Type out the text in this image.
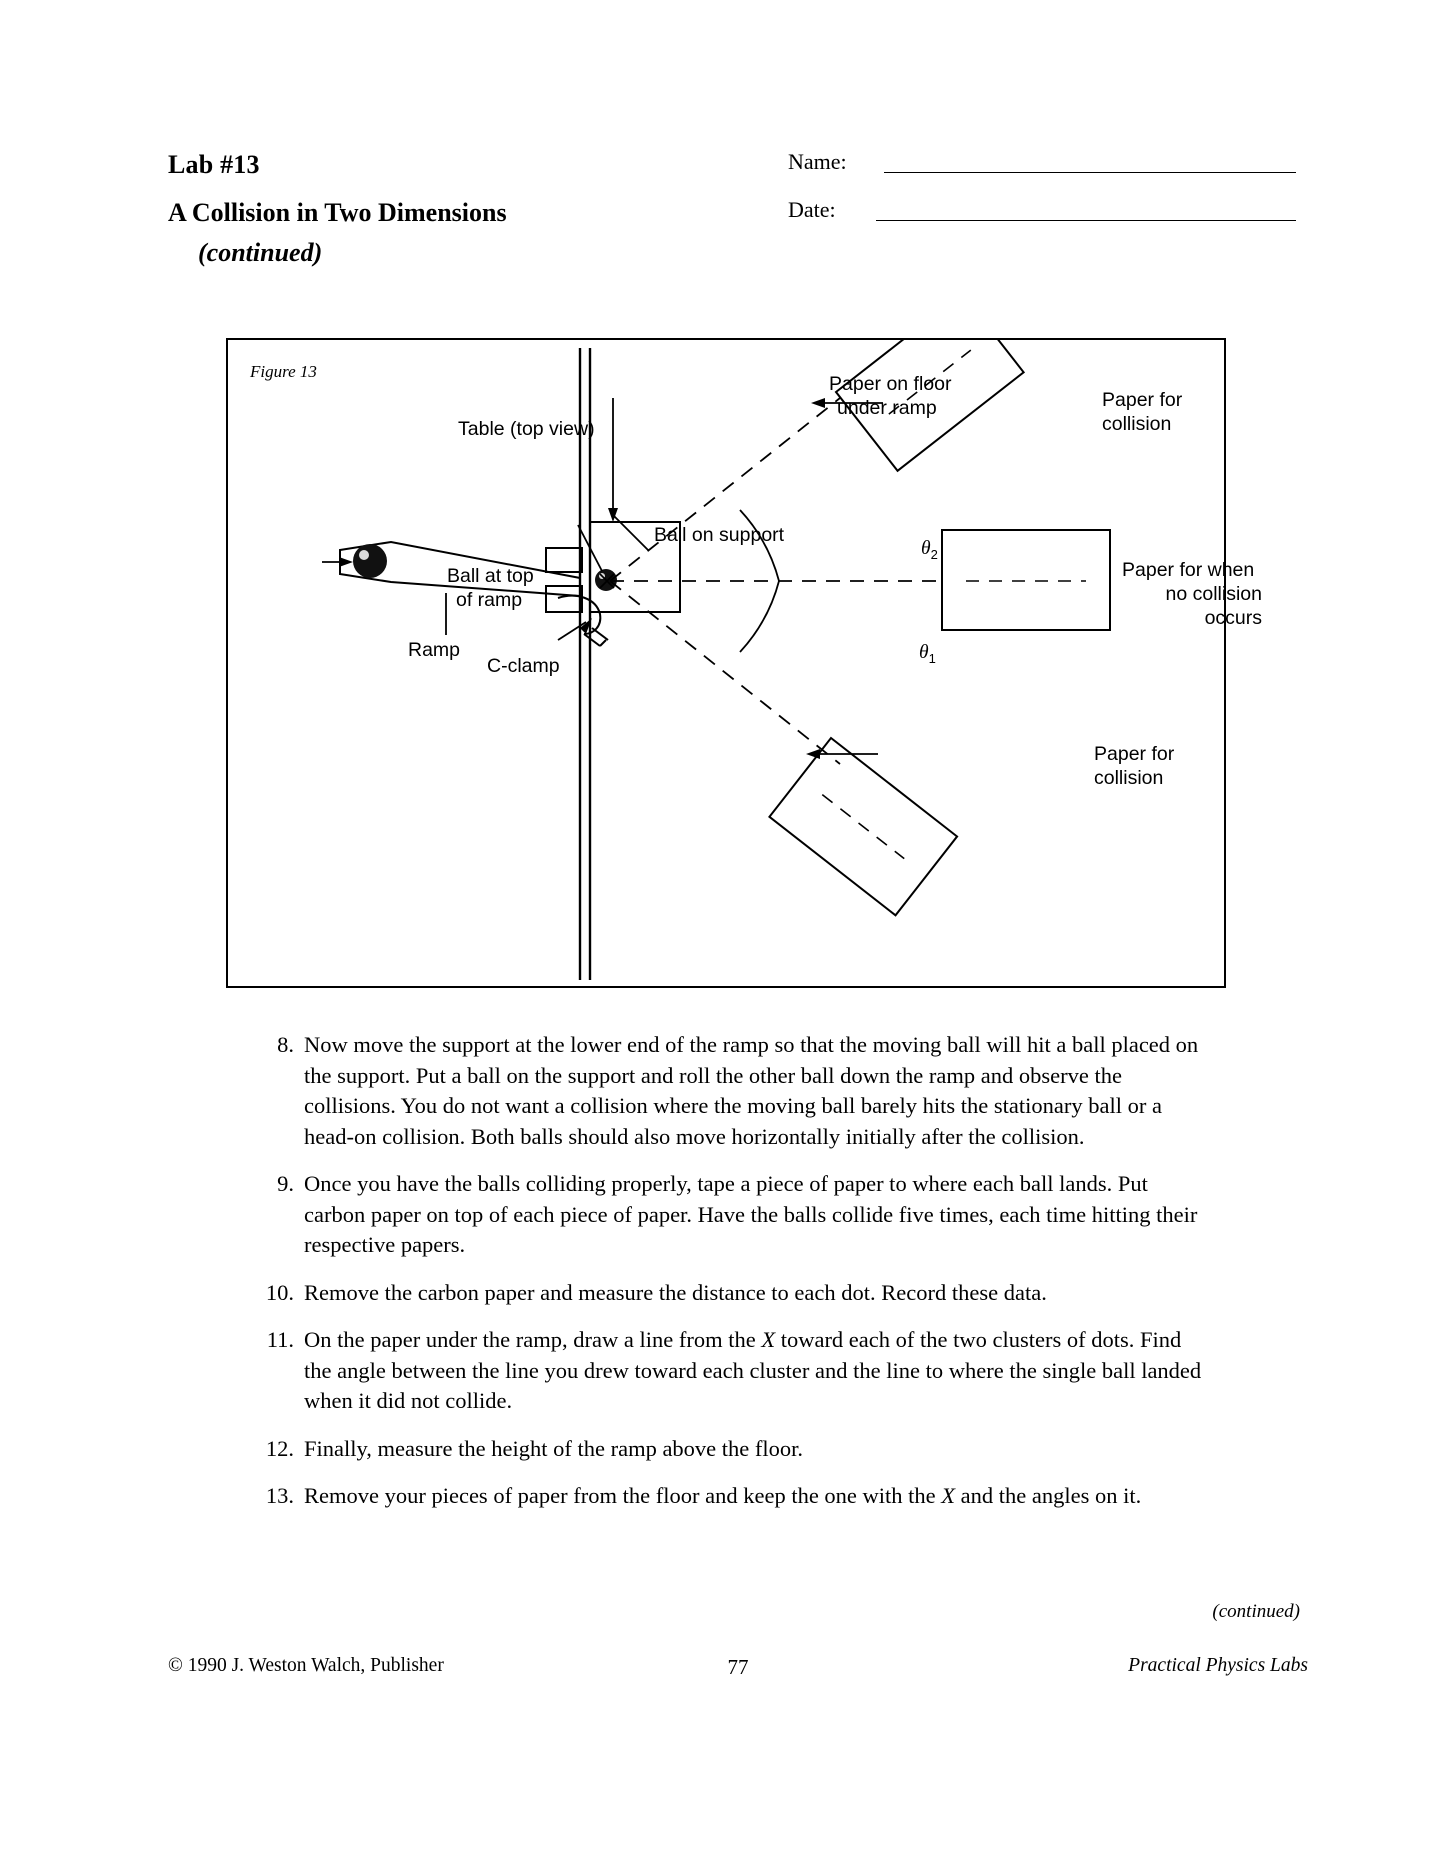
Lab #13
A Collision in Two Dimensions
(continued)
Name:
Date:
Figure 13
Table (top view)
Paper on floor
under ramp	Paper for
collision
Ball on support
Ball at top
of ramp
Ramp
C-clamp
$\theta_2$
$\theta_1$
Paper for when
no collision
occurs
Paper for
collision
8. Now move the support at the lower end of the ramp so that the moving ball will hit a ball placed on the support. Put a ball on the support and roll the other ball down the ramp and observe the collisions. You do not want a collision where the moving ball barely hits the stationary ball or a head-on collision. Both balls should also move horizontally initially after the collision.
9. Once you have the balls colliding properly, tape a piece of paper to where each ball lands. Put carbon paper on top of each piece of paper. Have the balls collide five times, each time hitting their respective papers.
10. Remove the carbon paper and measure the distance to each dot. Record these data.
11. On the paper under the ramp, draw a line from the X toward each of the two clusters of dots. Find the angle between the line you drew toward each cluster and the line to where the single ball landed when it did not collide.
12. Finally, measure the height of the ramp above the floor.
13. Remove your pieces of paper from the floor and keep the one with the X and the angles on it.
(continued)
© 1990 J. Weston Walch, Publisher	77	Practical Physics Labs
